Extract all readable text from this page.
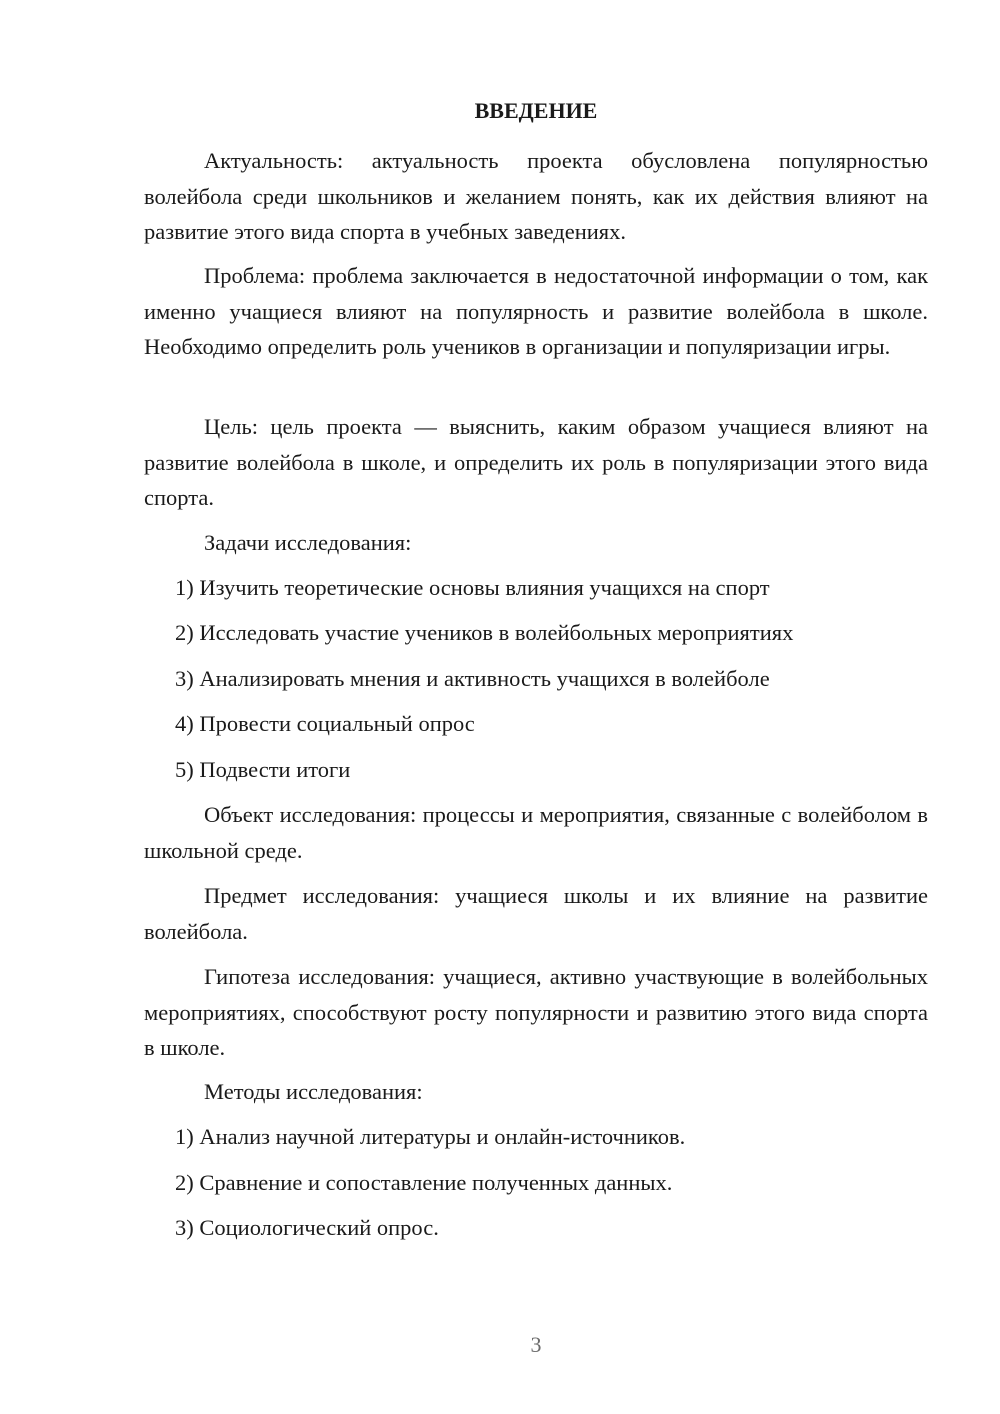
ВВЕДЕНИЕ

Актуальность: актуальность проекта обусловлена популярностью волейбола среди школьников и желанием понять, как их действия влияют на развитие этого вида спорта в учебных заведениях.

Проблема: проблема заключается в недостаточной информации о том, как именно учащиеся влияют на популярность и развитие волейбола в школе. Необходимо определить роль учеников в организации и популяризации игры.

Цель: цель проекта — выяснить, каким образом учащиеся влияют на развитие волейбола в школе, и определить их роль в популяризации этого вида спорта.

Задачи исследования:

1) Изучить теоретические основы влияния учащихся на спорт

2) Исследовать участие учеников в волейбольных мероприятиях

3) Анализировать мнения и активность учащихся в волейболе

4) Провести социальный опрос

5) Подвести итоги

Объект исследования: процессы и мероприятия, связанные с волейболом в школьной среде.

Предмет исследования: учащиеся школы и их влияние на развитие волейбола.

Гипотеза исследования: учащиеся, активно участвующие в волейбольных мероприятиях, способствуют росту популярности и развитию этого вида спорта в школе.

Методы исследования:

1) Анализ научной литературы и онлайн-источников.

2) Сравнение и сопоставление полученных данных.

3) Социологический опрос.

3
